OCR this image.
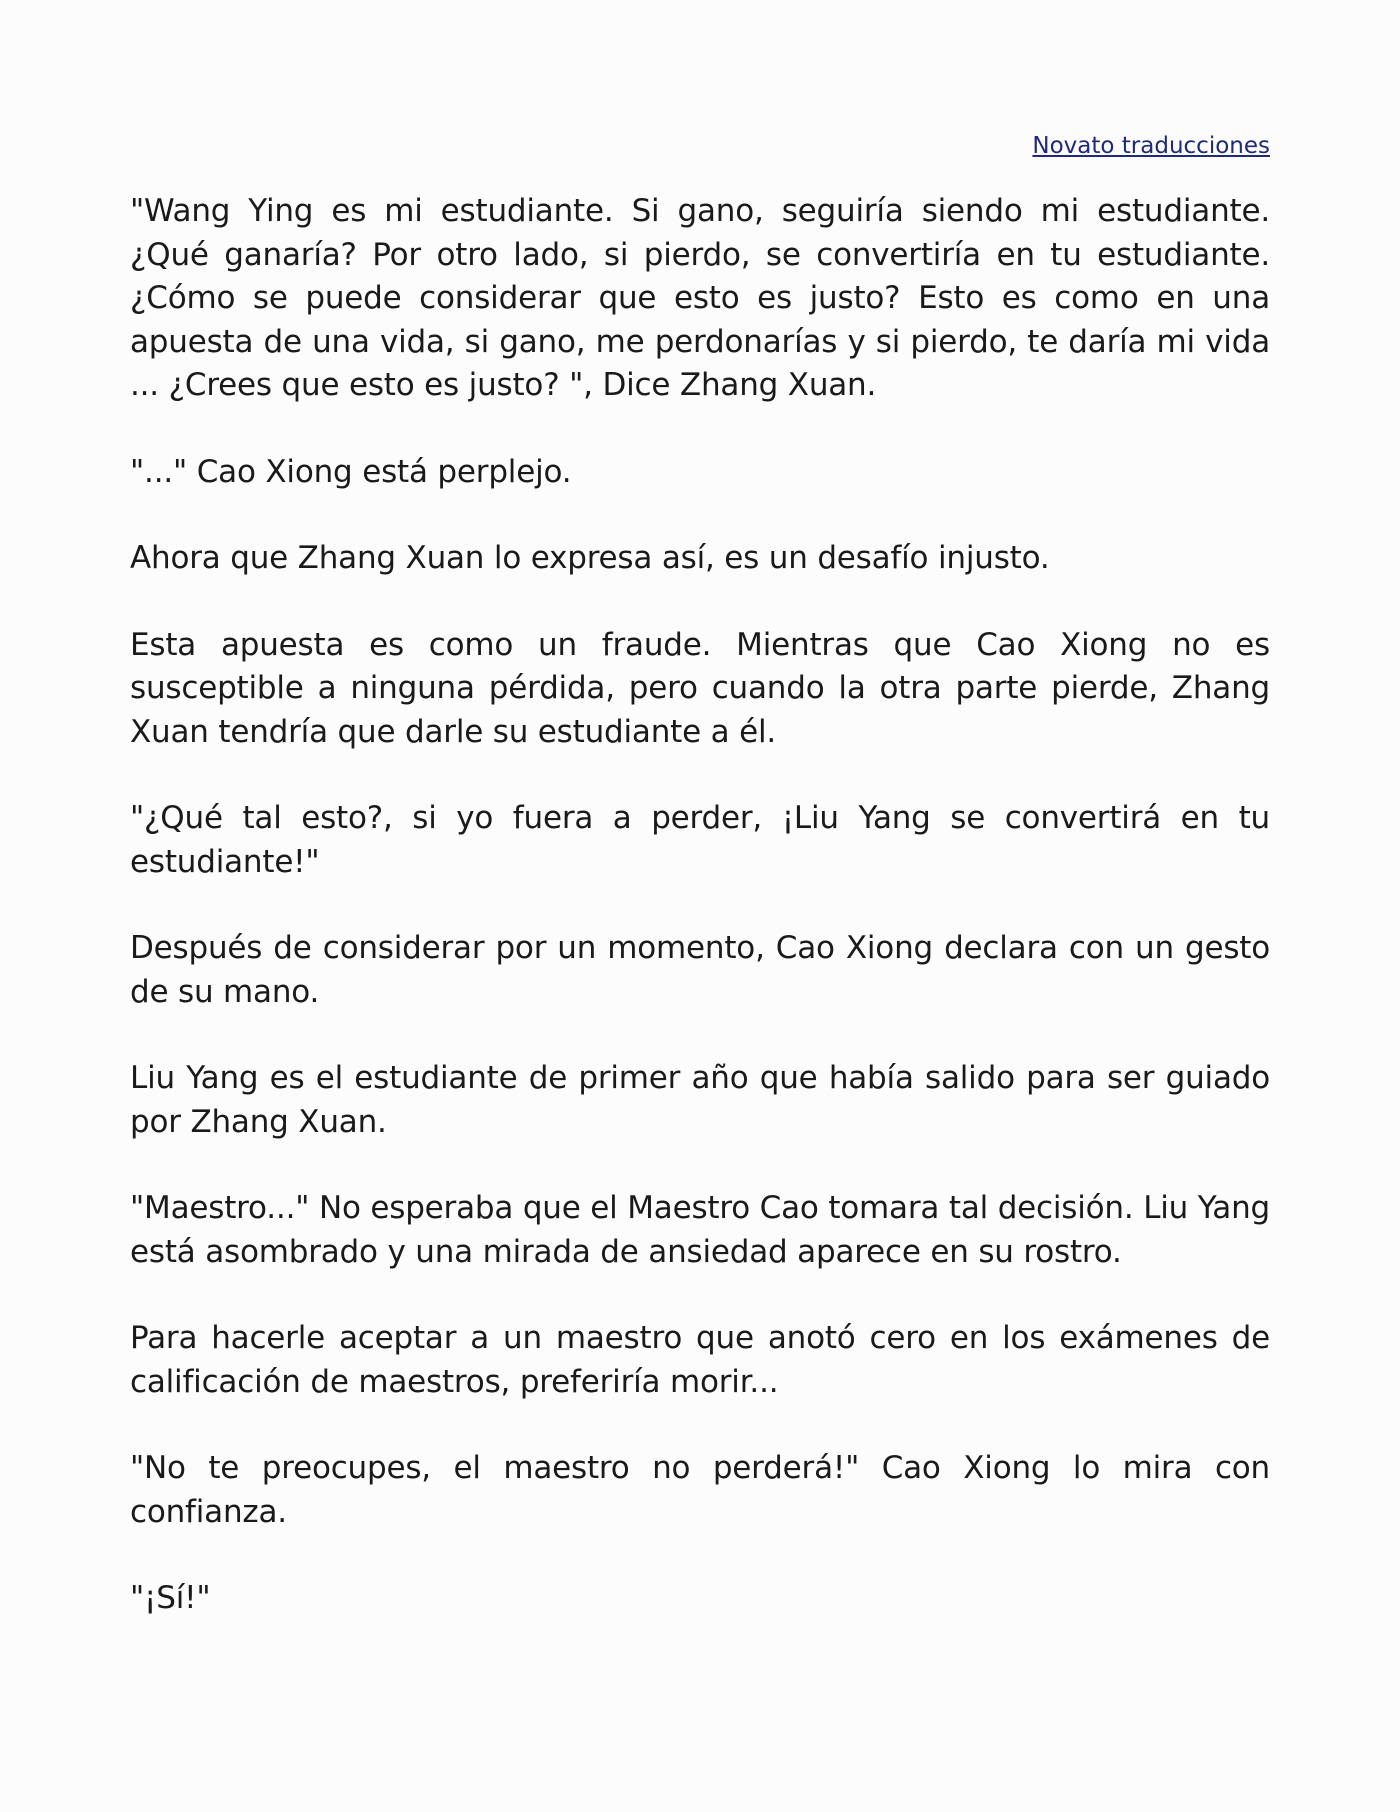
Novato traducciones

"Wang Ying es mi estudiante. Si gano, seguiría siendo mi estudiante. ¿Qué ganaría? Por otro lado, si pierdo, se convertiría en tu estudiante. ¿Cómo se puede considerar que esto es justo? Esto es como en una apuesta de una vida, si gano, me perdonarías y si pierdo, te daría mi vida ... ¿Crees que esto es justo? ", Dice Zhang Xuan.

"..." Cao Xiong está perplejo.

Ahora que Zhang Xuan lo expresa así, es un desafío injusto.

Esta apuesta es como un fraude. Mientras que Cao Xiong no es susceptible a ninguna pérdida, pero cuando la otra parte pierde, Zhang Xuan tendría que darle su estudiante a él.

"¿Qué tal esto?, si yo fuera a perder, ¡Liu Yang se convertirá en tu estudiante!"

Después de considerar por un momento, Cao Xiong declara con un gesto de su mano.

Liu Yang es el estudiante de primer año que había salido para ser guiado por Zhang Xuan.

"Maestro..." No esperaba que el Maestro Cao tomara tal decisión. Liu Yang está asombrado y una mirada de ansiedad aparece en su rostro.

Para hacerle aceptar a un maestro que anotó cero en los exámenes de calificación de maestros, preferiría morir...

"No te preocupes, el maestro no perderá!" Cao Xiong lo mira con confianza.

"¡Sí!"
